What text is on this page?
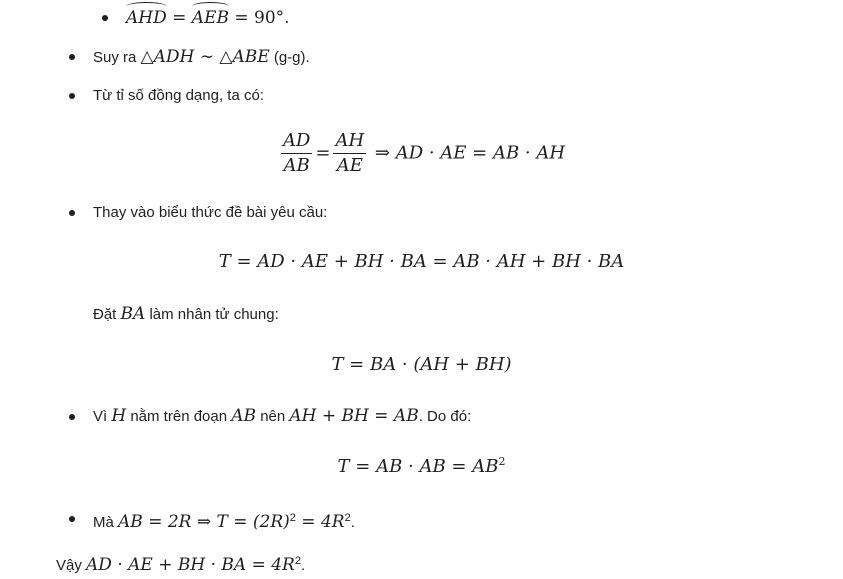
AHD = AEB = 90°.
Suy ra △ADH ∼ △ABE (g-g).
Từ tỉ số đồng dạng, ta có:
$\frac{AD}{AB} = \frac{AH}{AE}$ ⇒ AD · AE = AB · AH
Thay vào biểu thức đề bài yêu cầu:
T = AD · AE + BH · BA = AB · AH + BH · BA
Đặt BA làm nhân tử chung:
T = BA · (AH + BH)
Vì H nằm trên đoạn AB nên AH + BH = AB. Do đó:
T = AB · AB = $AB^2$
Mà AB = 2R ⇒ $T = (2R)^2 = 4R^2$.
Vậy AD · AE + BH · BA = $4R^2$.
